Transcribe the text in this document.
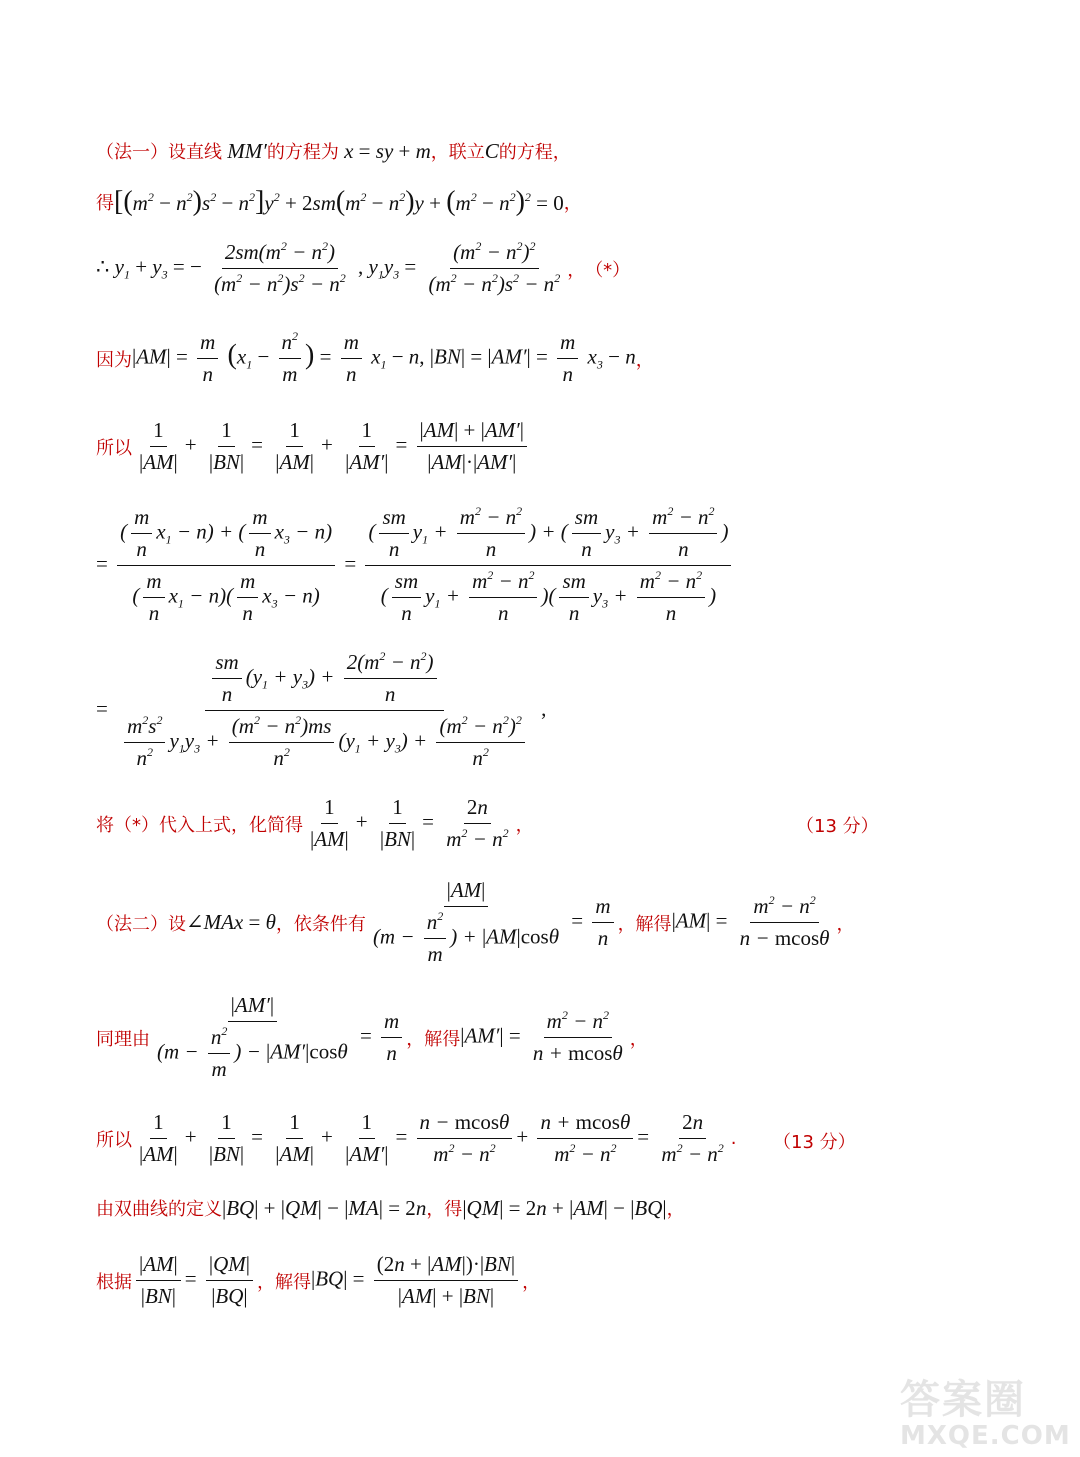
（法一）设直线 MM′ 的方程为 x = sy + m ，联立 C 的方程，
得 $[(m^2 - n^2)s^2 - n^2]y^2 + 2sm(m^2 - n^2)y + (m^2 - n^2)^2 = 0$ ，
∴ $y_1 + y_3$ = − $\frac{2sm(m^2 - n^2)}{(m^2 - n^2)s^2 - n^2}$ , $y_1y_3 = \frac{(m^2 - n^2)^2}{(m^2 - n^2)s^2 - n^2}$ ， （*）
因为 $|AM| = \frac{m}{n} (x_1 - \frac{n^2}{m}$ ) = $\frac{m}{n} x_1 - n$, $|BN| = |AM'| = \frac{m}{n} x_3 - n$ ，
所以 $\frac{1}{|AM|} + \frac{1}{|BN|} = \frac{1}{|AM|} + \frac{1}{|AM'|} = \frac{|AM| + |AM'|}{|AM|\cdot|AM'|}$
= $\frac{( \frac{m}{n} x_1 - n) + ( \frac{m}{n} x_3 - n)}{( \frac{m}{n} x_1 - n)( \frac{m}{n} x_3 - n)} = \frac{( \frac{sm}{n} y_1 + \frac{m^2 - n^2}{n} ) + ( \frac{sm}{n} y_3 + \frac{m^2 - n^2}{n} )}{( \frac{sm}{n} y_1 + \frac{m^2 - n^2}{n} )( \frac{sm}{n} y_3 + \frac{m^2 - n^2}{n} )}$
= $\frac{\frac{sm}{n} (y_1 + y_3) + \frac{2(m^2 - n^2)}{n}}{\frac{m^2s^2}{n^2} y_1y_3 + \frac{(m^2 - n^2)ms}{n^2} (y_1 + y_3) + \frac{(m^2 - n^2)^2}{n^2}}$ ,
将（*）代入上式，化简得 $\frac{1}{|AM|} + \frac{1}{|BN|} = \frac{2n}{m^2 - n^2}$ ，	（13 分）
（法二）设 ∠MAx = θ ，依条件有 $\frac{|AM|}{(m - \frac{n^2}{m} ) + |AM|\cos\theta} = \frac{m}{n}$ ，解得 $|AM| = \frac{m^2 - n^2}{n - mcos\theta}$ ，
同理由 $\frac{|AM'|}{(m - \frac{n^2}{m} ) - |AM'|\cos\theta} = \frac{m}{n}$ ，解得 $|AM'| = \frac{m^2 - n^2}{n + mcos\theta}$ ，
所以 $\frac{1}{|AM|} + \frac{1}{|BN|} = \frac{1}{|AM|} + \frac{1}{|AM'|} = \frac{n - mcos\theta}{m^2 - n^2} + \frac{n + mcos\theta}{m^2 - n^2} = \frac{2n}{m^2 - n^2}$ . （13 分）
由双曲线的定义 |BQ| + |QM| − |MA| = 2n ，得 |QM| = 2n + |AM| − |BQ| ，
根据 $\frac{|AM|}{|BN|} = \frac{|QM|}{|BQ|}$ ，解得 $|BQ| = \frac{(2n + |AM|)\cdot|BN|}{|AM| + |BN|}$ ，
答案圈
MXQE.COM
